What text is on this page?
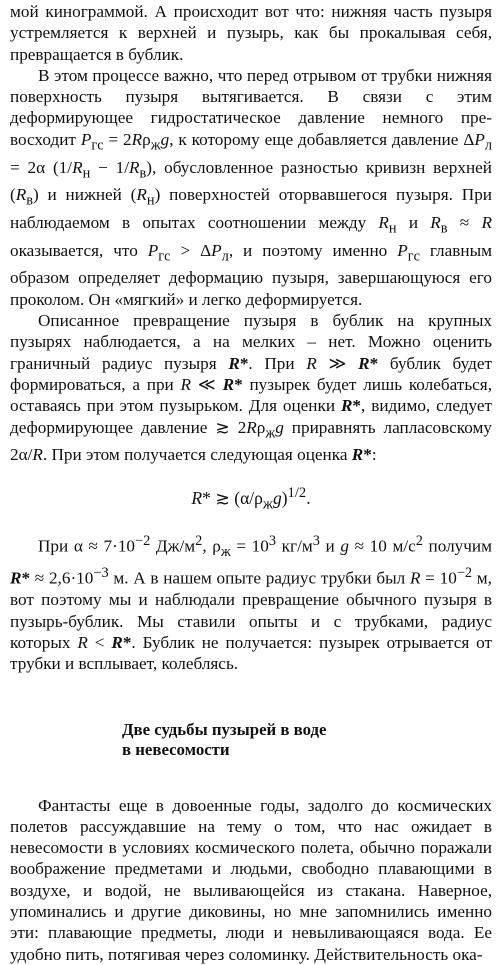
мой кинограммой. А происходит вот что: нижняя часть пузыря устремляется к верхней и пузырь, как бы прокалывая себя, превращается в бублик.

В этом процессе важно, что перед отрывом от трубки нижняя поверхность пузыря вытягивается. В связи с этим деформирующее гидростатическое давление немного превосходит $P_{гс} = 2R\rho_жg$, к которому еще добавляется давление $\Delta P_л = 2\alpha$ $(1/R_н - 1/R_в)$, обусловленное разностью кривизн верхней $(R_в)$ и нижней $(R_н)$ поверхностей оторвавшегося пузыря. При наблюдаемом в опытах соотношении между $R_н$ и $R_в \approx R$ оказывается, что $P_{гс} > \Delta P_л$, и поэтому именно $P_{гс}$ главным образом определяет деформацию пузыря, завершающуюся его проколом. Он «мягкий» и легко деформируется.

Описанное превращение пузыря в бублик на крупных пузырях наблюдается, а на мелких – нет. Можно оценить граничный радиус пузыря R*. При R ≫ R* бублик будет формироваться, а при R ≪ R* пузырек будет лишь колебаться, оставаясь при этом пузырьком. Для оценки R*, видимо, следует деформирующее давление ≳ $2R\rho_жg$ приравнять лапласовскому 2α/R. При этом получается следующая оценка R*:

R* ≳ $(\alpha/\rho_жg)^{1/2}$.

При $\alpha \approx 7\cdot 10^{-2}$ $Дж/м^2$, $\rho_ж = 10^3$ $кг/м^3$ и g ≈ 10 $м/с^2$ получим $R* \approx 2,6\cdot 10^{-3}$ м. А в нашем опыте радиус трубки был $R = 10^{-2}$ м, вот поэтому мы и наблюдали превращение обычного пузыря в пузырь-бублик. Мы ставили опыты и с трубками, радиус которых R < R*. Бублик не получается: пузырек отрывается от трубки и всплывает, колеблясь.

Две судьбы пузырей в воде
в невесомости

Фантасты еще в довоенные годы, задолго до космических полетов рассуждавшие на тему о том, что нас ожидает в невесомости в условиях космического полета, обычно поражали воображение предметами и людьми, свободно плавающими в воздухе, и водой, не выливающейся из стакана. Наверное, упоминались и другие диковины, но мне запомнились именно эти: плавающие предметы, люди и невыливающаяся вода. Ее удобно пить, потягивая через соломинку. Действительность ока-
